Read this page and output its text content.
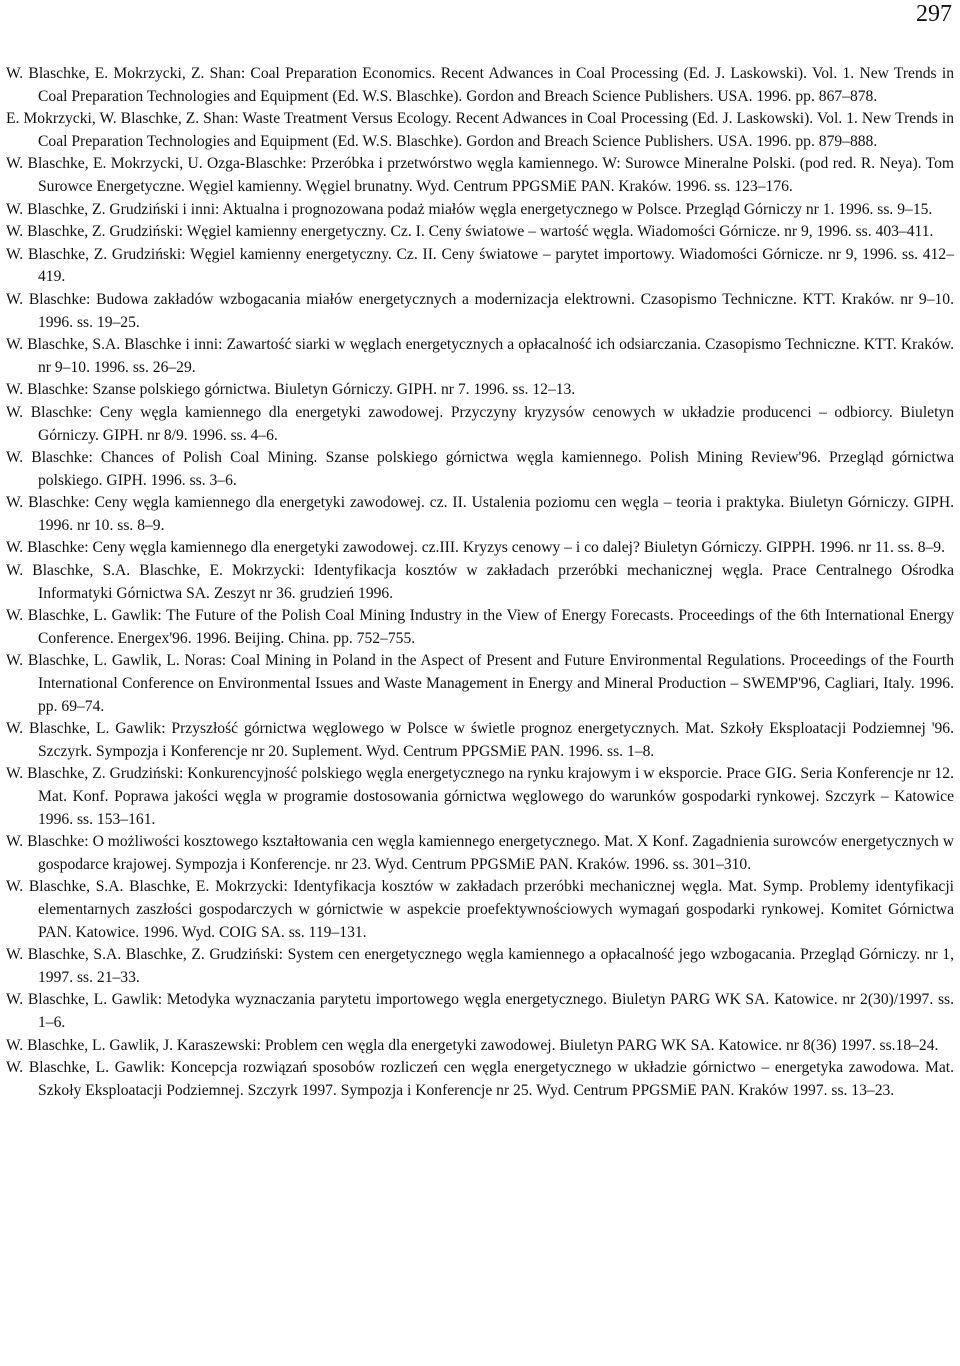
297
W. Blaschke, E. Mokrzycki, Z. Shan: Coal Preparation Economics. Recent Adwances in Coal Processing (Ed. J. Laskowski). Vol. 1. New Trends in Coal Preparation Technologies and Equipment (Ed. W.S. Blaschke). Gordon and Breach Science Publishers. USA. 1996. pp. 867–878.
E. Mokrzycki, W. Blaschke, Z. Shan: Waste Treatment Versus Ecology. Recent Adwances in Coal Processing (Ed. J. Laskowski). Vol. 1. New Trends in Coal Preparation Technologies and Equipment (Ed. W.S. Blaschke). Gordon and Breach Science Publishers. USA. 1996. pp. 879–888.
W. Blaschke, E. Mokrzycki, U. Ozga-Blaschke: Przeróbka i przetwórstwo węgla kamiennego. W: Surowce Mineralne Polski. (pod red. R. Neya). Tom Surowce Energetyczne. Węgiel kamienny. Węgiel brunatny. Wyd. Centrum PPGSMiE PAN. Kraków. 1996. ss. 123–176.
W. Blaschke, Z. Grudziński i inni: Aktualna i prognozowana podaż miałów węgla energetycznego w Polsce. Przegląd Górniczy nr 1. 1996. ss. 9–15.
W. Blaschke, Z. Grudziński: Węgiel kamienny energetyczny. Cz. I. Ceny światowe – wartość węgla. Wiadomości Górnicze. nr 9, 1996. ss. 403–411.
W. Blaschke, Z. Grudziński: Węgiel kamienny energetyczny. Cz. II. Ceny światowe – parytet importowy. Wiadomości Górnicze. nr 9, 1996. ss. 412–419.
W. Blaschke: Budowa zakładów wzbogacania miałów energetycznych a modernizacja elektrowni. Czasopismo Techniczne. KTT. Kraków. nr 9–10. 1996. ss. 19–25.
W. Blaschke, S.A. Blaschke i inni: Zawartość siarki w węglach energetycznych a opłacalność ich odsiarczania. Czasopismo Techniczne. KTT. Kraków. nr 9–10. 1996. ss. 26–29.
W. Blaschke: Szanse polskiego górnictwa. Biuletyn Górniczy. GIPH. nr 7. 1996. ss. 12–13.
W. Blaschke: Ceny węgla kamiennego dla energetyki zawodowej. Przyczyny kryzysów cenowych w układzie producenci – odbiorcy. Biuletyn Górniczy. GIPH. nr 8/9. 1996. ss. 4–6.
W. Blaschke: Chances of Polish Coal Mining. Szanse polskiego górnictwa węgla kamiennego. Polish Mining Review'96. Przegląd górnictwa polskiego. GIPH. 1996. ss. 3–6.
W. Blaschke: Ceny węgla kamiennego dla energetyki zawodowej. cz. II. Ustalenia poziomu cen węgla – teoria i praktyka. Biuletyn Górniczy. GIPH. 1996. nr 10. ss. 8–9.
W. Blaschke: Ceny węgla kamiennego dla energetyki zawodowej. cz.III. Kryzys cenowy – i co dalej? Biuletyn Górniczy. GIPPH. 1996. nr 11. ss. 8–9.
W. Blaschke, S.A. Blaschke, E. Mokrzycki: Identyfikacja kosztów w zakładach przeróbki mechanicznej węgla. Prace Centralnego Ośrodka Informatyki Górnictwa SA. Zeszyt nr 36. grudzień 1996.
W. Blaschke, L. Gawlik: The Future of the Polish Coal Mining Industry in the View of Energy Forecasts. Proceedings of the 6th International Energy Conference. Energex'96. 1996. Beijing. China. pp. 752–755.
W. Blaschke, L. Gawlik, L. Noras: Coal Mining in Poland in the Aspect of Present and Future Environmental Regulations. Proceedings of the Fourth International Conference on Environmental Issues and Waste Management in Energy and Mineral Production – SWEMP'96, Cagliari, Italy. 1996. pp. 69–74.
W. Blaschke, L. Gawlik: Przyszłość górnictwa węglowego w Polsce w świetle prognoz energetycznych. Mat. Szkoły Eksploatacji Podziemnej '96. Szczyrk. Sympozja i Konferencje nr 20. Suplement. Wyd. Centrum PPGSMiE PAN. 1996. ss. 1–8.
W. Blaschke, Z. Grudziński: Konkurencyjność polskiego węgla energetycznego na rynku krajowym i w eksporcie. Prace GIG. Seria Konferencje nr 12. Mat. Konf. Poprawa jakości węgla w programie dostosowania górnictwa węglowego do warunków gospodarki rynkowej. Szczyrk – Katowice 1996. ss. 153–161.
W. Blaschke: O możliwości kosztowego kształtowania cen węgla kamiennego energetycznego. Mat. X Konf. Zagadnienia surowców energetycznych w gospodarce krajowej. Sympozja i Konferencje. nr 23. Wyd. Centrum PPGSMiE PAN. Kraków. 1996. ss. 301–310.
W. Blaschke, S.A. Blaschke, E. Mokrzycki: Identyfikacja kosztów w zakładach przeróbki mechanicznej węgla. Mat. Symp. Problemy identyfikacji elementarnych zaszłości gospodarczych w górnictwie w aspekcie proefektywnościowych wymagań gospodarki rynkowej. Komitet Górnictwa PAN. Katowice. 1996. Wyd. COIG SA. ss. 119–131.
W. Blaschke, S.A. Blaschke, Z. Grudziński: System cen energetycznego węgla kamiennego a opłacalność jego wzbogacania. Przegląd Górniczy. nr 1, 1997. ss. 21–33.
W. Blaschke, L. Gawlik: Metodyka wyznaczania parytetu importowego węgla energetycznego. Biuletyn PARG WK SA. Katowice. nr 2(30)/1997. ss. 1–6.
W. Blaschke, L. Gawlik, J. Karaszewski: Problem cen węgla dla energetyki zawodowej. Biuletyn PARG WK SA. Katowice. nr 8(36) 1997. ss.18–24.
W. Blaschke, L. Gawlik: Koncepcja rozwiązań sposobów rozliczeń cen węgla energetycznego w układzie górnictwo – energetyka zawodowa. Mat. Szkoły Eksploatacji Podziemnej. Szczyrk 1997. Sympozja i Konferencje nr 25. Wyd. Centrum PPGSMiE PAN. Kraków 1997. ss. 13–23.
